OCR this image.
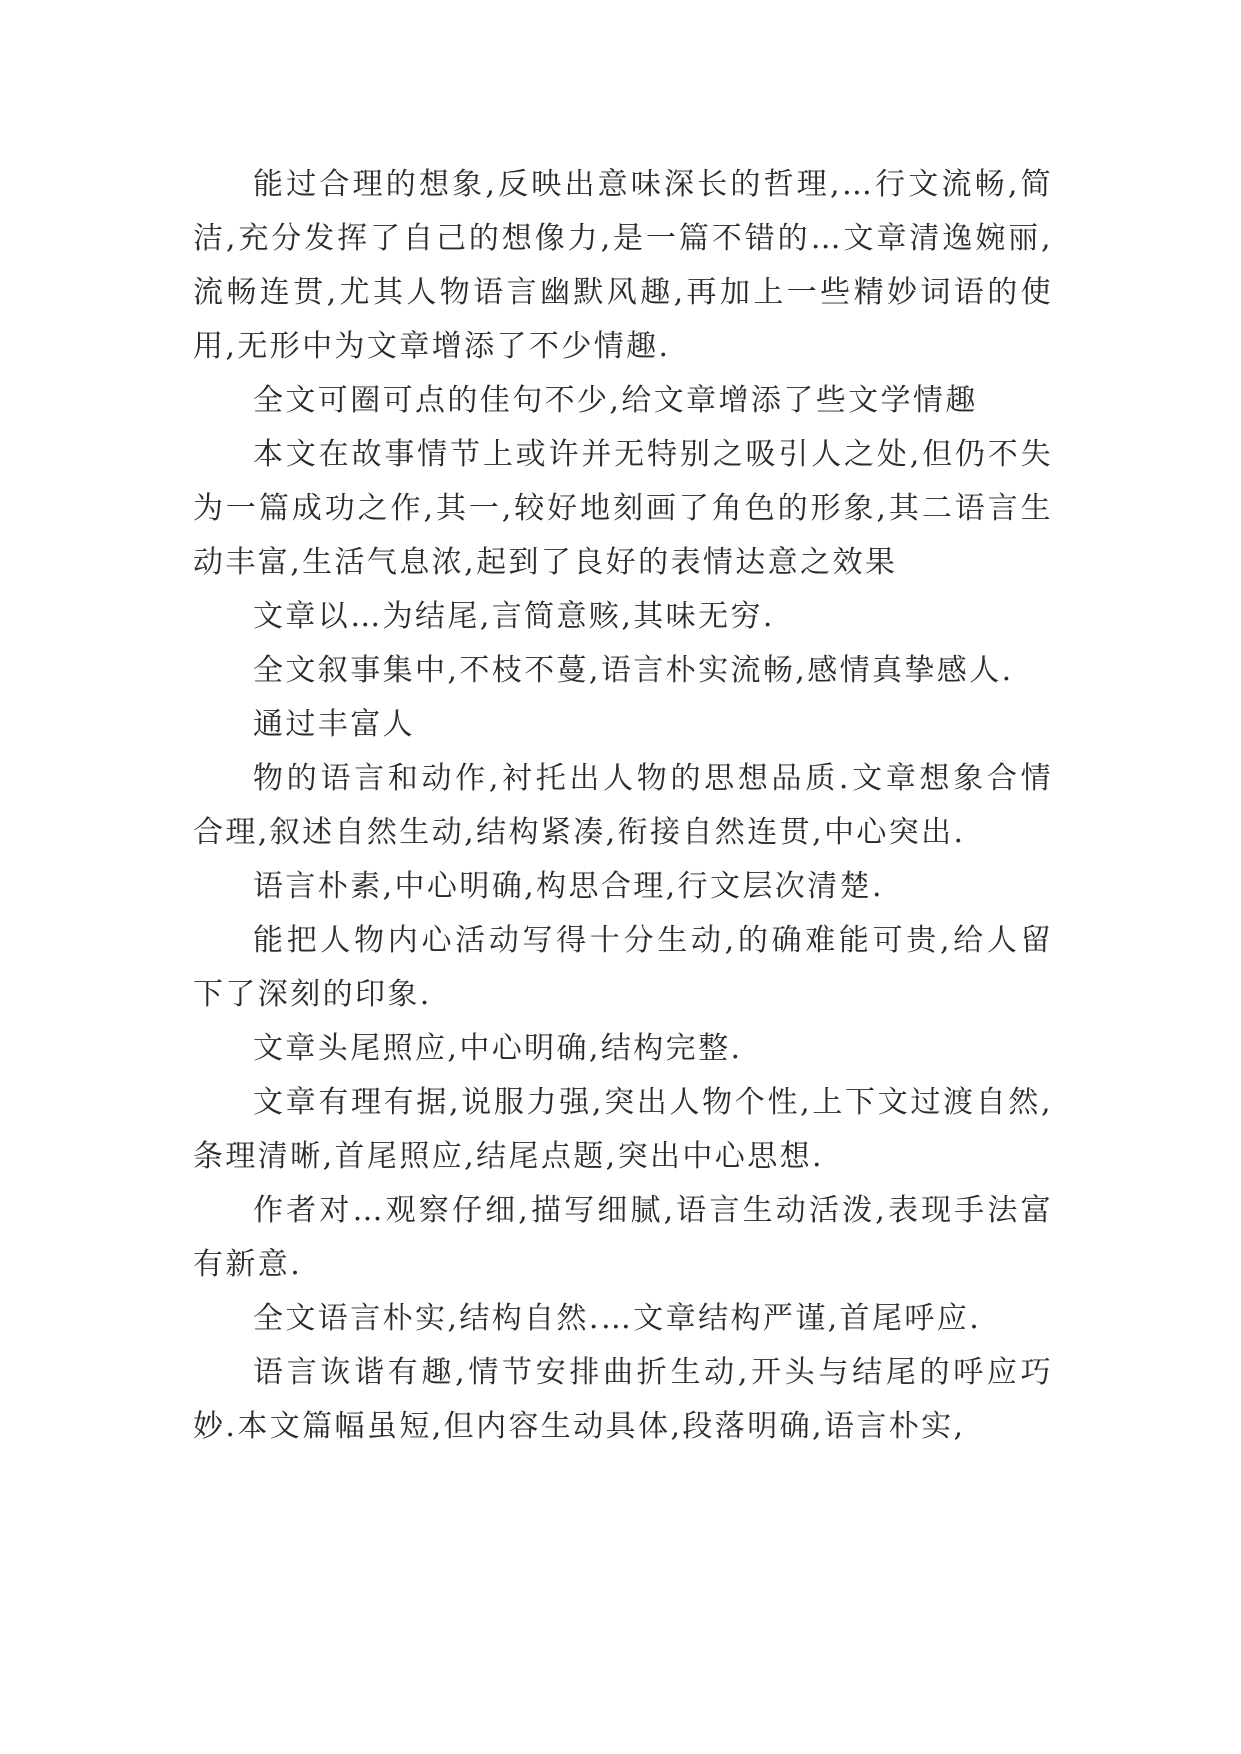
能过合理的想象,反映出意味深长的哲理,…行文流畅,简洁,充分发挥了自己的想像力,是一篇不错的…文章清逸婉丽,流畅连贯,尤其人物语言幽默风趣,再加上一些精妙词语的使用,无形中为文章增添了不少情趣.

全文可圈可点的佳句不少,给文章增添了些文学情趣

本文在故事情节上或许并无特别之吸引人之处,但仍不失为一篇成功之作,其一,较好地刻画了角色的形象,其二语言生动丰富,生活气息浓,起到了良好的表情达意之效果

文章以…为结尾,言简意赅,其味无穷.

全文叙事集中,不枝不蔓,语言朴实流畅,感情真挚感人.

通过丰富人

物的语言和动作,衬托出人物的思想品质.文章想象合情合理,叙述自然生动,结构紧凑,衔接自然连贯,中心突出.

语言朴素,中心明确,构思合理,行文层次清楚.

能把人物内心活动写得十分生动,的确难能可贵,给人留下了深刻的印象.

文章头尾照应,中心明确,结构完整.

文章有理有据,说服力强,突出人物个性,上下文过渡自然,条理清晰,首尾照应,结尾点题,突出中心思想.

作者对…观察仔细,描写细腻,语言生动活泼,表现手法富有新意.

全文语言朴实,结构自然.…文章结构严谨,首尾呼应.

语言诙谐有趣,情节安排曲折生动,开头与结尾的呼应巧妙.本文篇幅虽短,但内容生动具体,段落明确,语言朴实,
